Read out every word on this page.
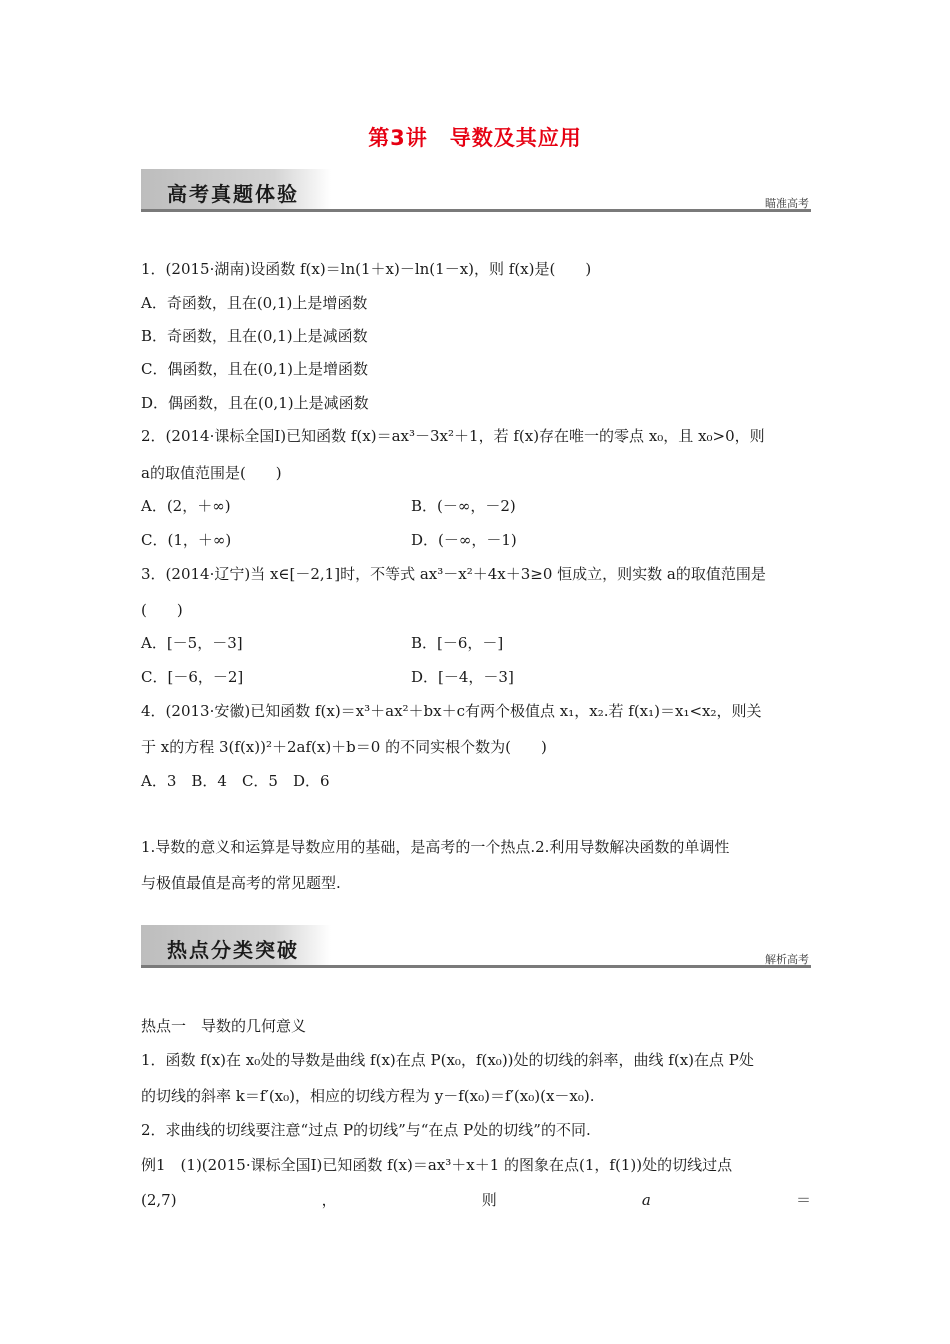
第3讲　导数及其应用
高考真题体验	瞄准高考
1．(2015·湖南)设函数 f(x)＝ln(1＋x)－ln(1－x)，则 f(x)是(　　)
A．奇函数，且在(0,1)上是增函数
B．奇函数，且在(0,1)上是减函数
C．偶函数，且在(0,1)上是增函数
D．偶函数，且在(0,1)上是减函数
2．(2014·课标全国Ⅰ)已知函数 f(x)＝ax³－3x²＋1，若 f(x)存在唯一的零点 x₀，且 x₀>0，则
a的取值范围是(　　)
A．(2，＋∞)	B．(－∞，－2)
C．(1，＋∞)	D．(－∞，－1)
3．(2014·辽宁)当 x∈[－2,1]时，不等式 ax³－x²＋4x＋3≥0 恒成立，则实数 a的取值范围是
(　　)
A．[－5，－3]	B．[－6，－]
C．[－6，－2]	D．[－4，－3]
4．(2013·安徽)已知函数 f(x)＝x³＋ax²＋bx＋c有两个极值点 x₁，x₂.若 f(x₁)＝x₁<x₂，则关
于 x的方程 3(f(x))²＋2af(x)＋b＝0 的不同实根个数为(　　)
A．3　B．4　C．5　D．6
1.导数的意义和运算是导数应用的基础，是高考的一个热点.2.利用导数解决函数的单调性
与极值最值是高考的常见题型.
热点分类突破	解析高考
热点一　导数的几何意义
1．函数 f(x)在 x₀处的导数是曲线 f(x)在点 P(x₀，f(x₀))处的切线的斜率，曲线 f(x)在点 P处
的切线的斜率 k＝f′(x₀)，相应的切线方程为 y－f(x₀)＝f′(x₀)(x－x₀).
2．求曲线的切线要注意“过点 P的切线”与“在点 P处的切线”的不同.
例1　(1)(2015·课标全国Ⅰ)已知函数 f(x)＝ax³＋x＋1 的图象在点(1，f(1))处的切线过点
(2,7)	，	则	a	＝
